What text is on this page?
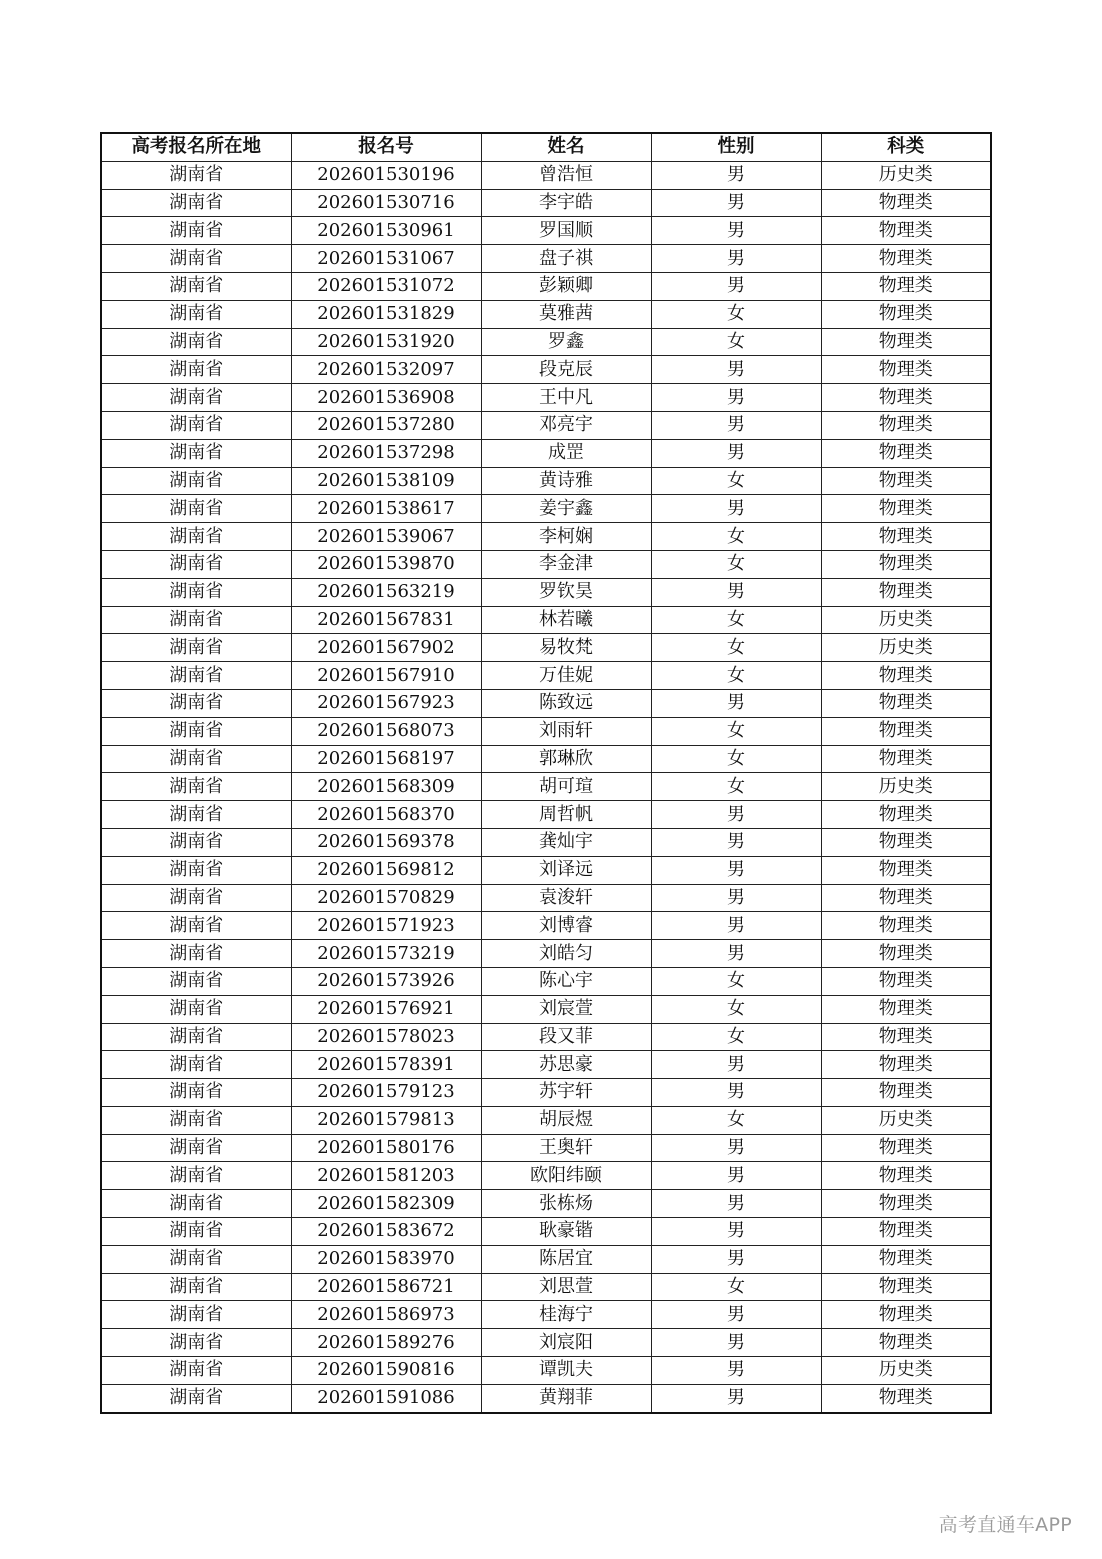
高考报名所在地	报名号	姓名	性别	科类
湖南省	202601530196	曾浩恒	男	历史类
湖南省	202601530716	李宇皓	男	物理类
湖南省	202601530961	罗国顺	男	物理类
湖南省	202601531067	盘子祺	男	物理类
湖南省	202601531072	彭颖卿	男	物理类
湖南省	202601531829	莫雅茜	女	物理类
湖南省	202601531920	罗鑫	女	物理类
湖南省	202601532097	段克辰	男	物理类
湖南省	202601536908	王中凡	男	物理类
湖南省	202601537280	邓亮宇	男	物理类
湖南省	202601537298	成罡	男	物理类
湖南省	202601538109	黄诗雅	女	物理类
湖南省	202601538617	姜宇鑫	男	物理类
湖南省	202601539067	李柯娴	女	物理类
湖南省	202601539870	李金津	女	物理类
湖南省	202601563219	罗钦昊	男	物理类
湖南省	202601567831	林若曦	女	历史类
湖南省	202601567902	易牧梵	女	历史类
湖南省	202601567910	万佳妮	女	物理类
湖南省	202601567923	陈致远	男	物理类
湖南省	202601568073	刘雨轩	女	物理类
湖南省	202601568197	郭琳欣	女	物理类
湖南省	202601568309	胡可瑄	女	历史类
湖南省	202601568370	周哲帆	男	物理类
湖南省	202601569378	龚灿宇	男	物理类
湖南省	202601569812	刘译远	男	物理类
湖南省	202601570829	袁浚轩	男	物理类
湖南省	202601571923	刘博睿	男	物理类
湖南省	202601573219	刘皓匀	男	物理类
湖南省	202601573926	陈心宇	女	物理类
湖南省	202601576921	刘宸萱	女	物理类
湖南省	202601578023	段又菲	女	物理类
湖南省	202601578391	苏思豪	男	物理类
湖南省	202601579123	苏宇轩	男	物理类
湖南省	202601579813	胡辰煜	女	历史类
湖南省	202601580176	王奥轩	男	物理类
湖南省	202601581203	欧阳纬颐	男	物理类
湖南省	202601582309	张栋炀	男	物理类
湖南省	202601583672	耿豪锴	男	物理类
湖南省	202601583970	陈居宜	男	物理类
湖南省	202601586721	刘思萱	女	物理类
湖南省	202601586973	桂海宁	男	物理类
湖南省	202601589276	刘宸阳	男	物理类
湖南省	202601590816	谭凯夫	男	历史类
湖南省	202601591086	黄翔菲	男	物理类
高考直通车APP
